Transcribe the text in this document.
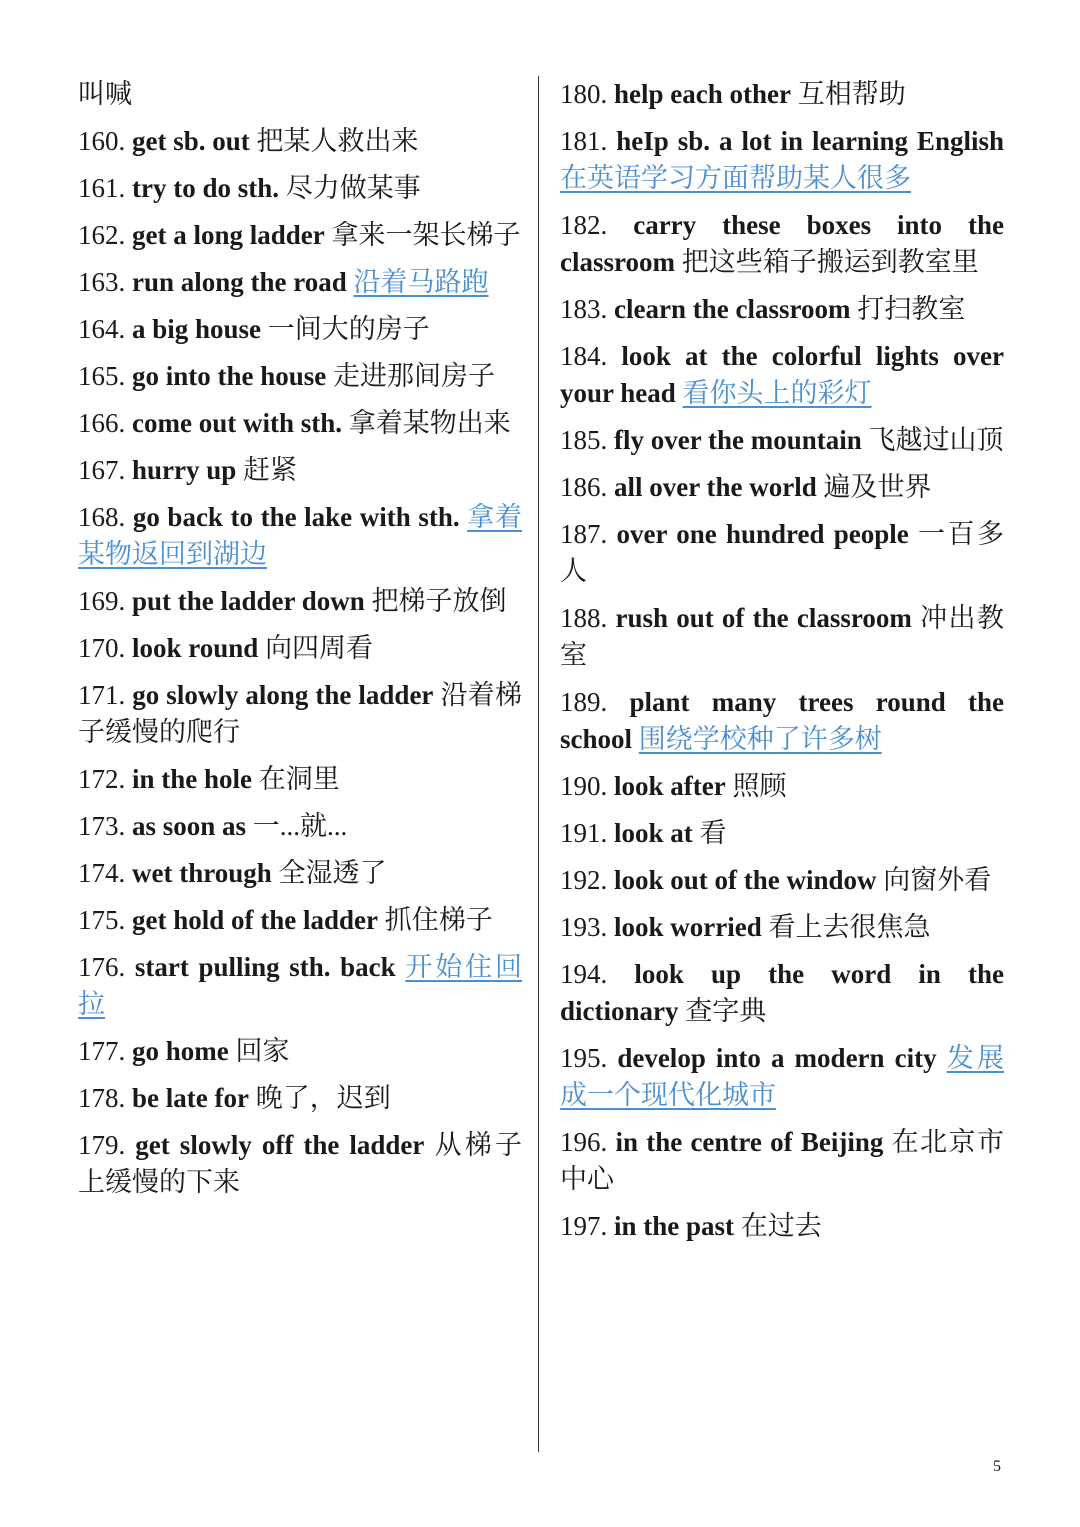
叫喊
160. get sb. out 把某人救出来
161. try to do sth. 尽力做某事
162. get a long ladder 拿来一架长梯子
163. run along the road 沿着马路跑
164. a big house 一间大的房子
165. go into the house 走进那间房子
166. come out with sth. 拿着某物出来
167. hurry up 赶紧
168. go back to the lake with sth. 拿着某物返回到湖边
169. put the ladder down 把梯子放倒
170. look round 向四周看
171. go slowly along the ladder 沿着梯子缓慢的爬行
172. in the hole 在洞里
173. as soon as 一...就...
174. wet through 全湿透了
175. get hold of the ladder 抓住梯子
176. start pulling sth. back 开始住回拉
177. go home 回家
178. be late for 晚了，迟到
179. get slowly off the ladder 从梯子上缓慢的下来
180. help each other 互相帮助
181. heIp sb. a lot in learning English 在英语学习方面帮助某人很多
182. carry these boxes into the classroom 把这些箱子搬运到教室里
183. clearn the classroom 打扫教室
184. look at the colorful lights over your head 看你头上的彩灯
185. fly over the mountain 飞越过山顶
186. all over the world 遍及世界
187. over one hundred people 一百多人
188. rush out of the classroom 冲出教室
189. plant many trees round the school 围绕学校种了许多树
190. look after 照顾
191. look at 看
192. look out of the window 向窗外看
193. look worried 看上去很焦急
194. look up the word in the dictionary 查字典
195. develop into a modern city 发展成一个现代化城市
196. in the centre of Beijing 在北京市中心
197. in the past 在过去
5
